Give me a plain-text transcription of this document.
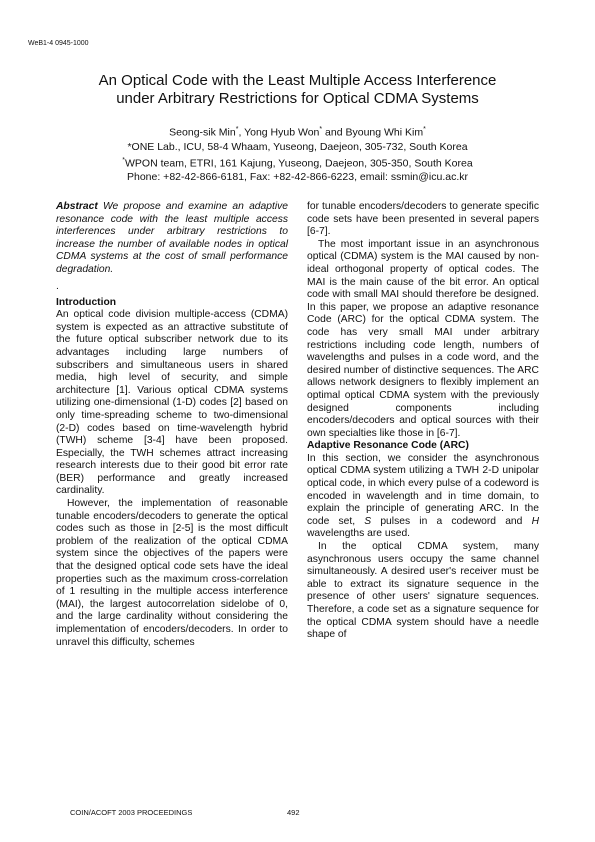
WeB1-4 0945-1000
An Optical Code with the Least Multiple Access Interference
under Arbitrary Restrictions for Optical CDMA Systems
Seong-sik Min*, Yong Hyub Won* and Byoung Whi Kim*
*ONE Lab., ICU, 58-4 Whaam, Yuseong, Daejeon, 305-732, South Korea
*WPON team, ETRI, 161 Kajung, Yuseong, Daejeon, 305-350, South Korea
Phone: +82-42-866-6181, Fax: +82-42-866-6223, email: ssmin@icu.ac.kr

Abstract We propose and examine an adaptive resonance code with the least multiple access interferences under arbitrary restrictions to increase the number of available nodes in optical CDMA systems at the cost of small performance degradation.

.

Introduction

An optical code division multiple-access (CDMA) system is expected as an attractive substitute of the future optical subscriber network due to its advantages including large numbers of subscribers and simultaneous users in shared media, high level of security, and simple architecture [1]. Various optical CDMA systems utilizing one-dimensional (1-D) codes [2] based on only time-spreading scheme to two-dimensional (2-D) codes based on time-wavelength hybrid (TWH) scheme [3-4] have been proposed. Especially, the TWH schemes attract increasing research interests due to their good bit error rate (BER) performance and greatly increased cardinality.

However, the implementation of reasonable tunable encoders/decoders to generate the optical codes such as those in [2-5] is the most difficult problem of the realization of the optical CDMA system since the objectives of the papers were that the designed optical code sets have the ideal properties such as the maximum cross-correlation of 1 resulting in the multiple access interference (MAI), the largest autocorrelation sidelobe of 0, and the large cardinality without considering the implementation of encoders/decoders. In order to unravel this difficulty, schemes

for tunable encoders/decoders to generate specific code sets have been presented in several papers [6-7].

The most important issue in an asynchronous optical (CDMA) system is the MAI caused by non-ideal orthogonal property of optical codes. The MAI is the main cause of the bit error. An optical code with small MAI should therefore be designed. In this paper, we propose an adaptive resonance Code (ARC) for the optical CDMA system. The code has very small MAI under arbitrary restrictions including code length, numbers of wavelengths and pulses in a code word, and the desired number of distinctive sequences. The ARC allows network designers to flexibly implement an optimal optical CDMA system with the previously designed components including encoders/decoders and optical sources with their own specialties like those in [6-7].

Adaptive Resonance Code (ARC)

In this section, we consider the asynchronous optical CDMA system utilizing a TWH 2-D unipolar optical code, in which every pulse of a codeword is encoded in wavelength and in time domain, to explain the principle of generating ARC. In the code set, S pulses in a codeword and H wavelengths are used.

In the optical CDMA system, many asynchronous users occupy the same channel simultaneously. A desired user's receiver must be able to extract its signature sequence in the presence of other users' signature sequences. Therefore, a code set as a signature sequence for the optical CDMA system should have a needle shape of

COIN/ACOFT 2003 PROCEEDINGS	492
